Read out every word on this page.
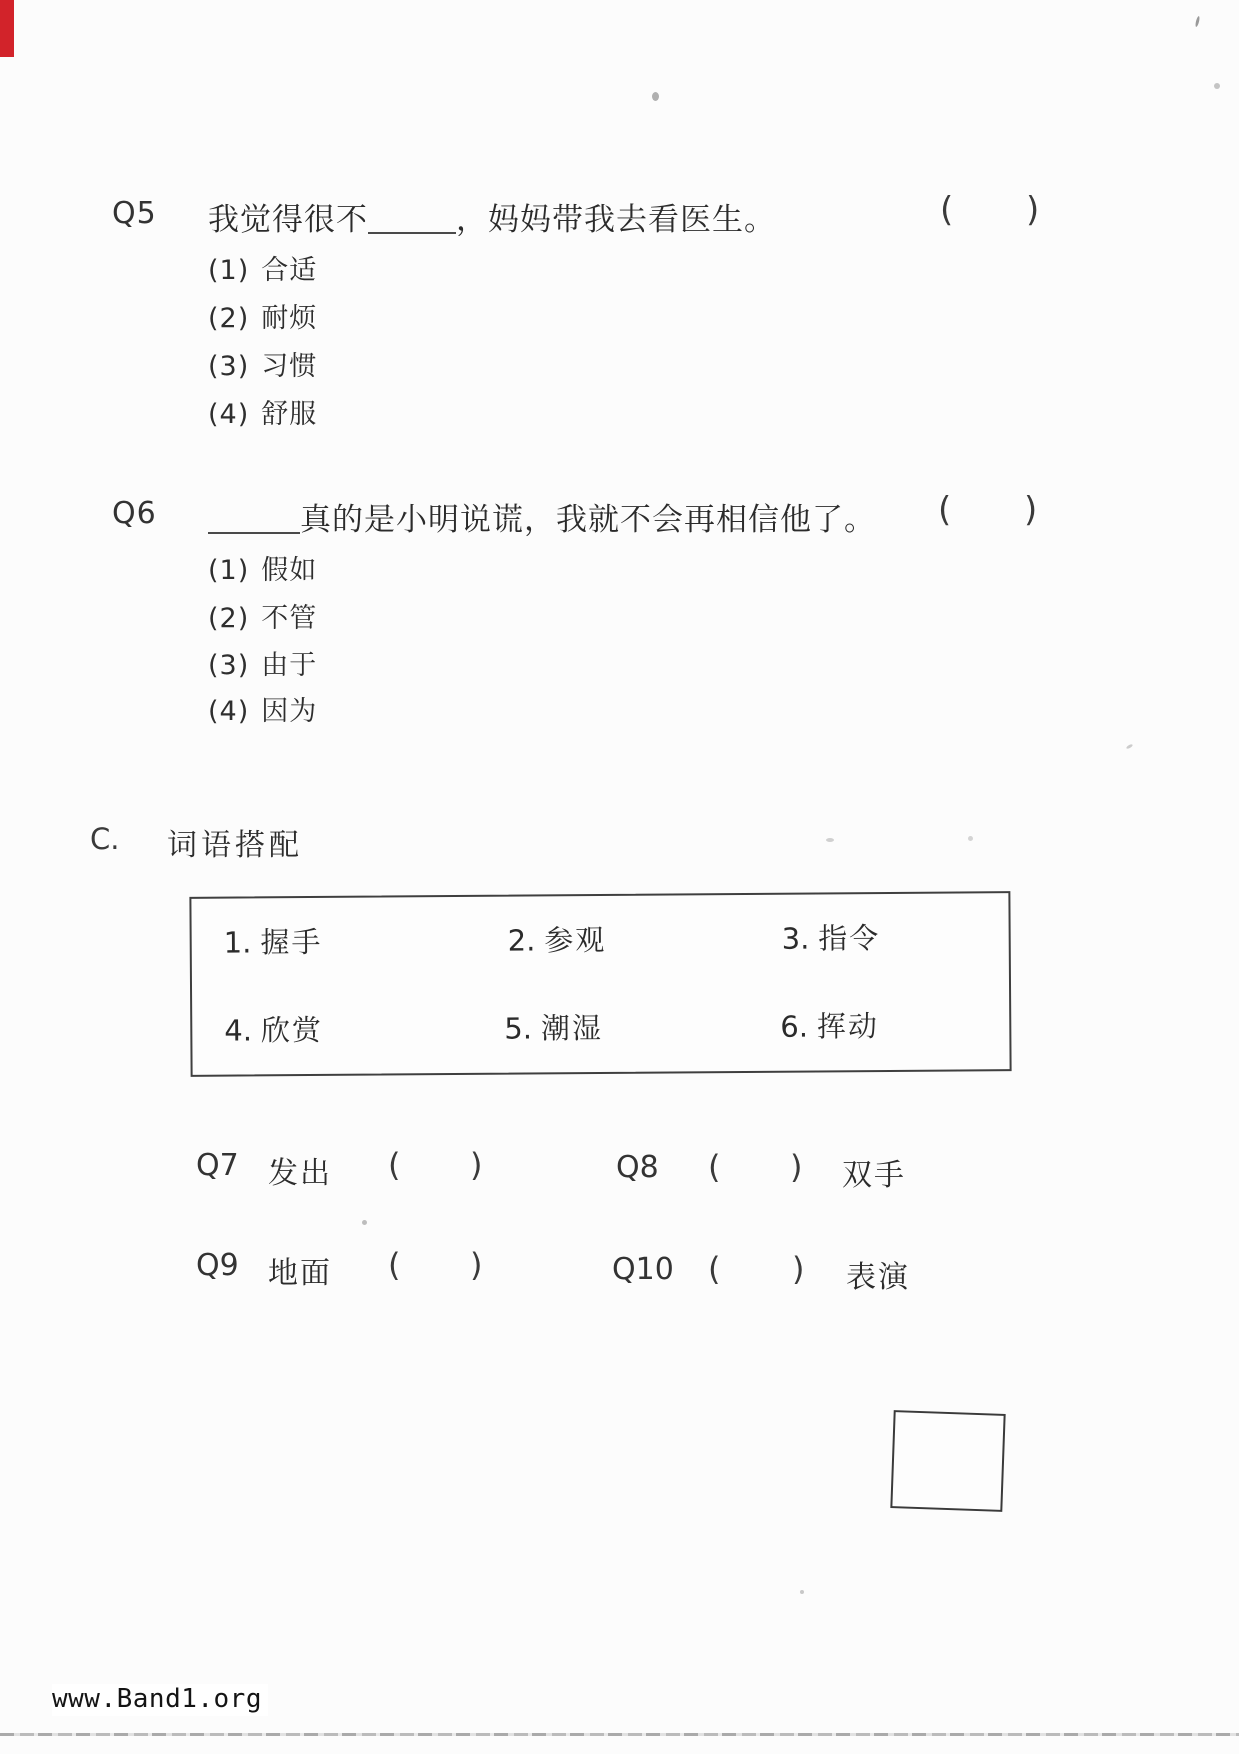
Q5 我觉得很不	，妈妈带我去看医生。	( )
(1) 合适
(2) 耐烦
(3) 习惯
(4) 舒服
Q6	真的是小明说谎，我就不会再相信他了。 ( )
(1) 假如
(2) 不管
(3) 由于
(4) 因为
C. 词语搭配
1. 握手	2. 参观	3. 指令
4. 欣赏	5. 潮湿	6. 挥动
Q7 发出 ( )	Q8 ( ) 双手
Q9 地面 ( )	Q10 ( ) 表演
www.Band1.org
